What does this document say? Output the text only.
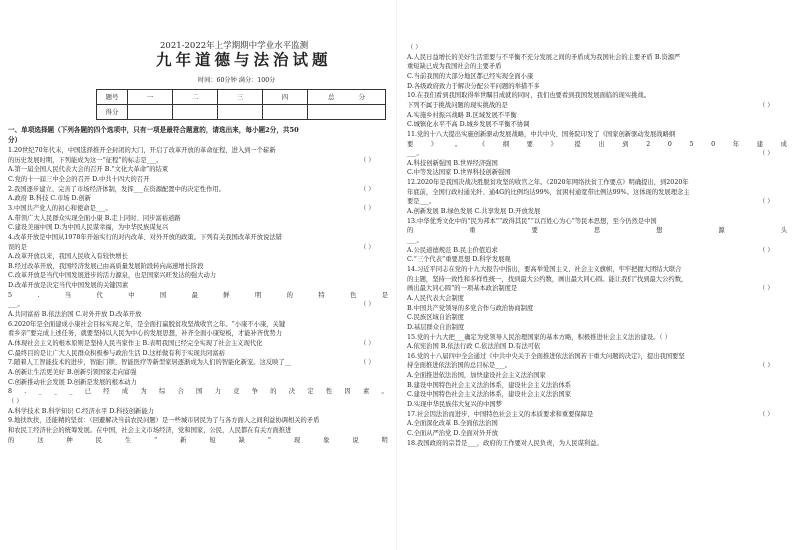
2021-2022年上学期期中学业水平监测
九年道德与法治试题
时间：60分钟 满分：100分
题号	一	二	三	四	总 分
得分					
一、单项选择题（下列各题的四个选项中，只有一项是最符合题意的，请选出来，每小题2分，共50
分）
1.20世纪70年代末，中国选择推开全封闭的大门，开启了改革开放的革命征程，进入到一个崭新
的历史发展时期，下列能成为这一“征程”的标志是___。	（ ）
A.第一届全国人民代表大会的召开 B.“文化大革命”的结束
C.党的十一届三中全会的召开 D.中共十四大的召开
2.我国逐步建立、完善了市场经济体制，发挥___在资源配置中的决定性作用。	（ ）
A.政府 B.科技 C.市场 D.创新
3.中国共产党人的初心和使命是___。	（ ）
A.带领广大人民群众实现全面小康 B.走上同时、同步富裕道路
C.建设美丽中国 D.为中国人民谋幸福，为中华民族谋复兴
4.改革开放是中国从1978年开始实行的对内改革、对外开放的政策。下列有关我国改革开放说法错
误的是	（ ）
A.改革开放以来，我国人民收入有较快增长
B.经过改革开放，我国经济发展已由高质量发展阶段转向高速增长阶段
C.改革开放是当代中国发展进步的活力源泉，也是国家兴旺发达的强大动力
D.改革开放是决定当代中国发展的关键因素
5	.	当	代	中	国	最	鲜	明	的	特	色	是
___。	（ ）
A.共同富裕 B.依法治国 C.对外开放 D.改革开放
6.2020年是全面建成小康社会目标实现之年，是全面打赢脱贫攻坚战收官之年。“小康不小康，关键
看乡亲”要完成上述任务，就要坚持以人民为中心的发展思想，补齐全面小康短板，才能补齐优势力
A.体现社会主义的根本原则是坚持人民当家作主 B.表明我国已经完全实现了社会主义现代化	（ ）
C.最终目的是让广大人民群众积极参与政治生活 D.这样做有利于实现共同富裕
7.随着人工智能技术的进步，智能门锁、智能医疗等新型家居逐渐成为人们的智能化新宠。这反映了__	（ ）
A.创新让生活更美好 B.创新引领国家走向富强
C.创新推动社会发展 D.创新是发展的根本动力
8 . _ _ _ 已 经 成 为 综 合 国 力 竞 争 的 决 定 性 因 素 。
（ ）
A.科学技术 B.科学知识 C.经济水平 D.科技创新能力
9.地扶坎扶，还能精的坚贫：（回避解决当前农民问题）是一些城市居民为了与各方面人之间利益协调相关的矛盾
和农民工经济社会的统筹发展。在中国，社会主义市场经济，党和国家，公民，人民都在有关方面推进
的	这	种	民	生	“	新	短	缺	”	现	象	说	明
（ ）
A.人民日益增长的美好生活需要与不平衡不充分发展之间的矛盾成为我国社会的主要矛盾 B.资源严
重短缺已成为我国社会的主要矛盾
C.当前我国的大部分地区都已经实现全面小康
D.各级政府致力于解决分配公平问题的举措不多
10.在我们看到我国取得举世瞩目成就的同时，我们也要看到我国发展面临的现实挑战。
下列不属于挑战问题的现实挑战的是	（ ）
A.实施乡村振兴战略 B.区域发展不平衡
C.城镇化水平不高 D.城乡发展不平衡不协调
11.党的十八大提出实施创新驱动发展战略，中共中央、国务院印发了《国家创新驱动发展战略纲
要	》	。	《	纲	要	》	提	出	到	2	0	5	0	年	建	成
___。	（ ）
A.科技创新强国 B.世界经济强国
C.中等发达国家 D.世界科技创新强国
12.2020年是我国决战决胜脱贫攻坚的收官之年。《2020年网络扶贫工作要点》明确提出，到2020年
年底前，全国行政村通光纤、通4G的比例均达99%，贫困村通宽带比例达99%。这体现的发展理念主
要是___。	（ ）
A.创新发展 B.绿色发展 C.共享发展 D.开放发展
13.中华优秀文化中的“民为邦本”“政得其民”“以百姓心为心”等民本思想，至今仍然是中国
的	重	要	思	想	源	头
___。
A.公民道德规范 B.民主价值追求	（ ）
C.“三个代表”重要思想 D.科学发展观
14.习近平同志在党的十九大报告中指出，要高举爱国主义、社会主义旗帜，牢牢把握大团结大联合
的主题，坚持一致性和多样性统一，找到最大公约数，画出最大同心圆。能让我们“找到最大公约数，
画出最大同心圆”的一项基本政治制度是	（ ）
A.人民代表大会制度
B.中国共产党领导的多党合作与政治协商制度
C.民族区域自治制度
D.基层群众自治制度
15.党的十九大把___确定为党领导人民治理国家的基本方略，积极推进社会主义法治建设。（ ）
A.依宪治国 B.依法行政 C.依法治国 D.有法可依
16.党的十八届四中全会通过《中共中央关于全面推进依法治国若干重大问题的决定》，提出我国要坚
持全面推进依法治国的总目标是___。	（ ）
A.全面推进依法治国，加快建设社会主义法治国家
B.建设中国特色社会主义法治体系，建设社会主义法治体系
C.建设中国特色社会主义法治体系，建设社会主义法治国家
D.实现中华民族伟大复兴的中国梦
17.社会因法治而进步，中国特色社会主义的本质要求和重要保障是	（ ）
A.全面深化改革 B.全面依法治国
C.全面从严治党 D.全面对外开放
18.我国政府的宗旨是___，政府的工作要对人民负责，为人民谋利益。
